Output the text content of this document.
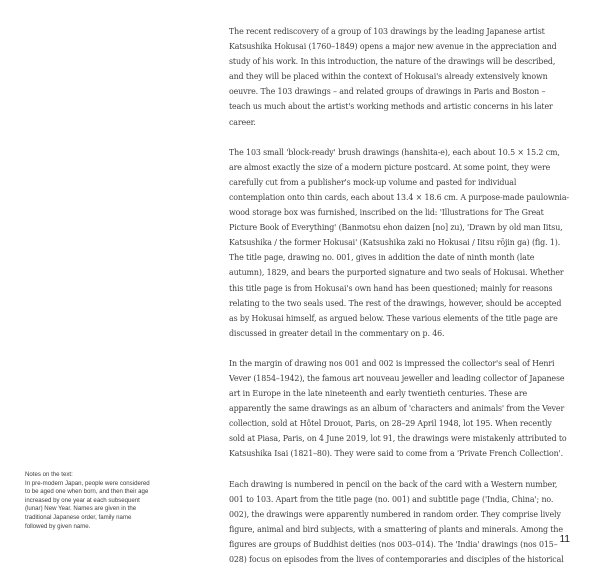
The recent rediscovery of a group of 103 drawings by the leading Japanese artist Katsushika Hokusai (1760–1849) opens a major new avenue in the appreciation and study of his work. In this introduction, the nature of the drawings will be described, and they will be placed within the context of Hokusai's already extensively known oeuvre. The 103 drawings – and related groups of drawings in Paris and Boston – teach us much about the artist's working methods and artistic concerns in his later career.

The 103 small 'block-ready' brush drawings (hanshita-e), each about 10.5 × 15.2 cm, are almost exactly the size of a modern picture postcard. At some point, they were carefully cut from a publisher's mock-up volume and pasted for individual contemplation onto thin cards, each about 13.4 × 18.6 cm. A purpose-made paulownia-wood storage box was furnished, inscribed on the lid: 'Illustrations for The Great Picture Book of Everything' (Banmotsu ehon daizen [no] zu), 'Drawn by old man Iitsu, Katsushika / the former Hokusai' (Katsushika zaki no Hokusai / Iitsu rōjin ga) (fig. 1). The title page, drawing no. 001, gives in addition the date of ninth month (late autumn), 1829, and bears the purported signature and two seals of Hokusai. Whether this title page is from Hokusai's own hand has been questioned; mainly for reasons relating to the two seals used. The rest of the drawings, however, should be accepted as by Hokusai himself, as argued below. These various elements of the title page are discussed in greater detail in the commentary on p. 46.

In the margin of drawing nos 001 and 002 is impressed the collector's seal of Henri Vever (1854–1942), the famous art nouveau jeweller and leading collector of Japanese art in Europe in the late nineteenth and early twentieth centuries. These are apparently the same drawings as an album of 'characters and animals' from the Vever collection, sold at Hôtel Drouot, Paris, on 28–29 April 1948, lot 195. When recently sold at Piasa, Paris, on 4 June 2019, lot 91, the drawings were mistakenly attributed to Katsushika Isai (1821–80). They were said to come from a 'Private French Collection'.

Each drawing is numbered in pencil on the back of the card with a Western number, 001 to 103. Apart from the title page (no. 001) and subtitle page ('India, China'; no. 002), the drawings were apparently numbered in random order. They comprise lively figure, animal and bird subjects, with a smattering of plants and minerals. Among the figures are groups of Buddhist deities (nos 003–014). The 'India' drawings (nos 015–028) focus on episodes from the lives of contemporaries and disciples of the historical

Notes on the text:

In pre-modern Japan, people were considered to be aged one when born, and then their age increased by one year at each subsequent (lunar) New Year. Names are given in the traditional Japanese order, family name followed by given name.

11
